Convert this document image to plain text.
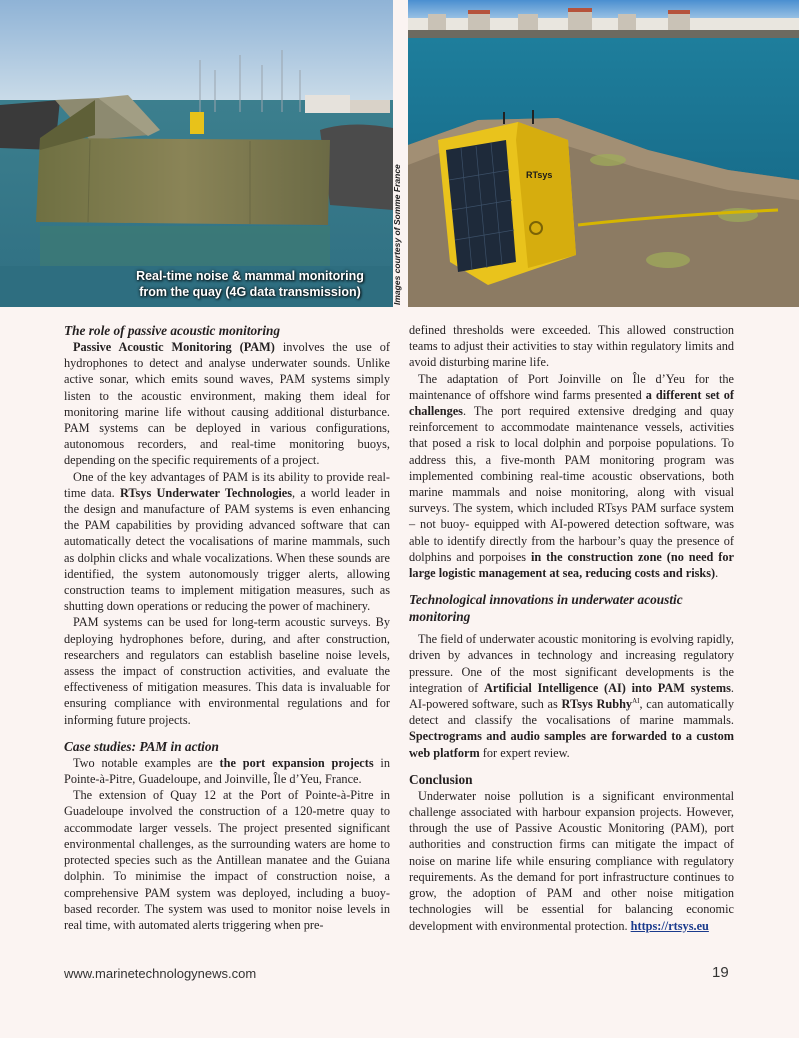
RTsys
Real-time noise & mammal monitoring
from the quay (4G data transmission)	Images courtesy of Somme France
The role of passive acoustic monitoring

Passive Acoustic Monitoring (PAM) involves the use of hydrophones to detect and analyse underwater sounds. Unlike active sonar, which emits sound waves, PAM systems simply listen to the acoustic environment, making them ideal for monitoring marine life without causing additional disturbance. PAM systems can be deployed in various configurations, autonomous recorders, and real-time monitoring buoys, depending on the specific requirements of a project.

One of the key advantages of PAM is its ability to provide real-time data. RTsys Underwater Technologies, a world leader in the design and manufacture of PAM systems is even enhancing the PAM capabilities by providing advanced software that can automatically detect the vocalisations of marine mammals, such as dolphin clicks and whale vocalizations. When these sounds are identified, the system autonomously trigger alerts, allowing construction teams to implement mitigation measures, such as shutting down operations or reducing the power of machinery.

PAM systems can be used for long-term acoustic surveys. By deploying hydrophones before, during, and after construction, researchers and regulators can establish baseline noise levels, assess the impact of construction activities, and evaluate the effectiveness of mitigation measures. This data is invaluable for ensuring compliance with environmental regulations and for informing future projects.

Case studies: PAM in action

Two notable examples are the port expansion projects in Pointe-à-Pitre, Guadeloupe, and Joinville, Île d’Yeu, France.

The extension of Quay 12 at the Port of Pointe-à-Pitre in Guadeloupe involved the construction of a 120-metre quay to accommodate larger vessels. The project presented significant environmental challenges, as the surrounding waters are home to protected species such as the Antillean manatee and the Guiana dolphin. To minimise the impact of construction noise, a comprehensive PAM system was deployed, including a buoy-based recorder. The system was used to monitor noise levels in real time, with automated alerts triggering when pre-

defined thresholds were exceeded. This allowed construction teams to adjust their activities to stay within regulatory limits and avoid disturbing marine life.

The adaptation of Port Joinville on Île d’Yeu for the maintenance of offshore wind farms presented a different set of challenges. The port required extensive dredging and quay reinforcement to accommodate maintenance vessels, activities that posed a risk to local dolphin and porpoise populations. To address this, a five-month PAM monitoring program was implemented combining real-time acoustic observations, both marine mammals and noise monitoring, along with visual surveys. The system, which included RTsys PAM surface system – not buoy- equipped with AI-powered detection software, was able to identify directly from the harbour’s quay the presence of dolphins and porpoises in the construction zone (no need for large logistic management at sea, reducing costs and risks).

Technological innovations in underwater acoustic monitoring

The field of underwater acoustic monitoring is evolving rapidly, driven by advances in technology and increasing regulatory pressure. One of the most significant developments is the integration of Artificial Intelligence (AI) into PAM systems. AI-powered software, such as RTsys Rubhy$^{AI}$, can automatically detect and classify the vocalisations of marine mammals. Spectrograms and audio samples are forwarded to a custom web platform for expert review.

Conclusion

Underwater noise pollution is a significant environmental challenge associated with harbour expansion projects. However, through the use of Passive Acoustic Monitoring (PAM), port authorities and construction firms can mitigate the impact of noise on marine life while ensuring compliance with regulatory requirements. As the demand for port infrastructure continues to grow, the adoption of PAM and other noise mitigation technologies will be essential for balancing economic development with environmental protection. https://rtsys.eu

www.marinetechnologynews.com	19
